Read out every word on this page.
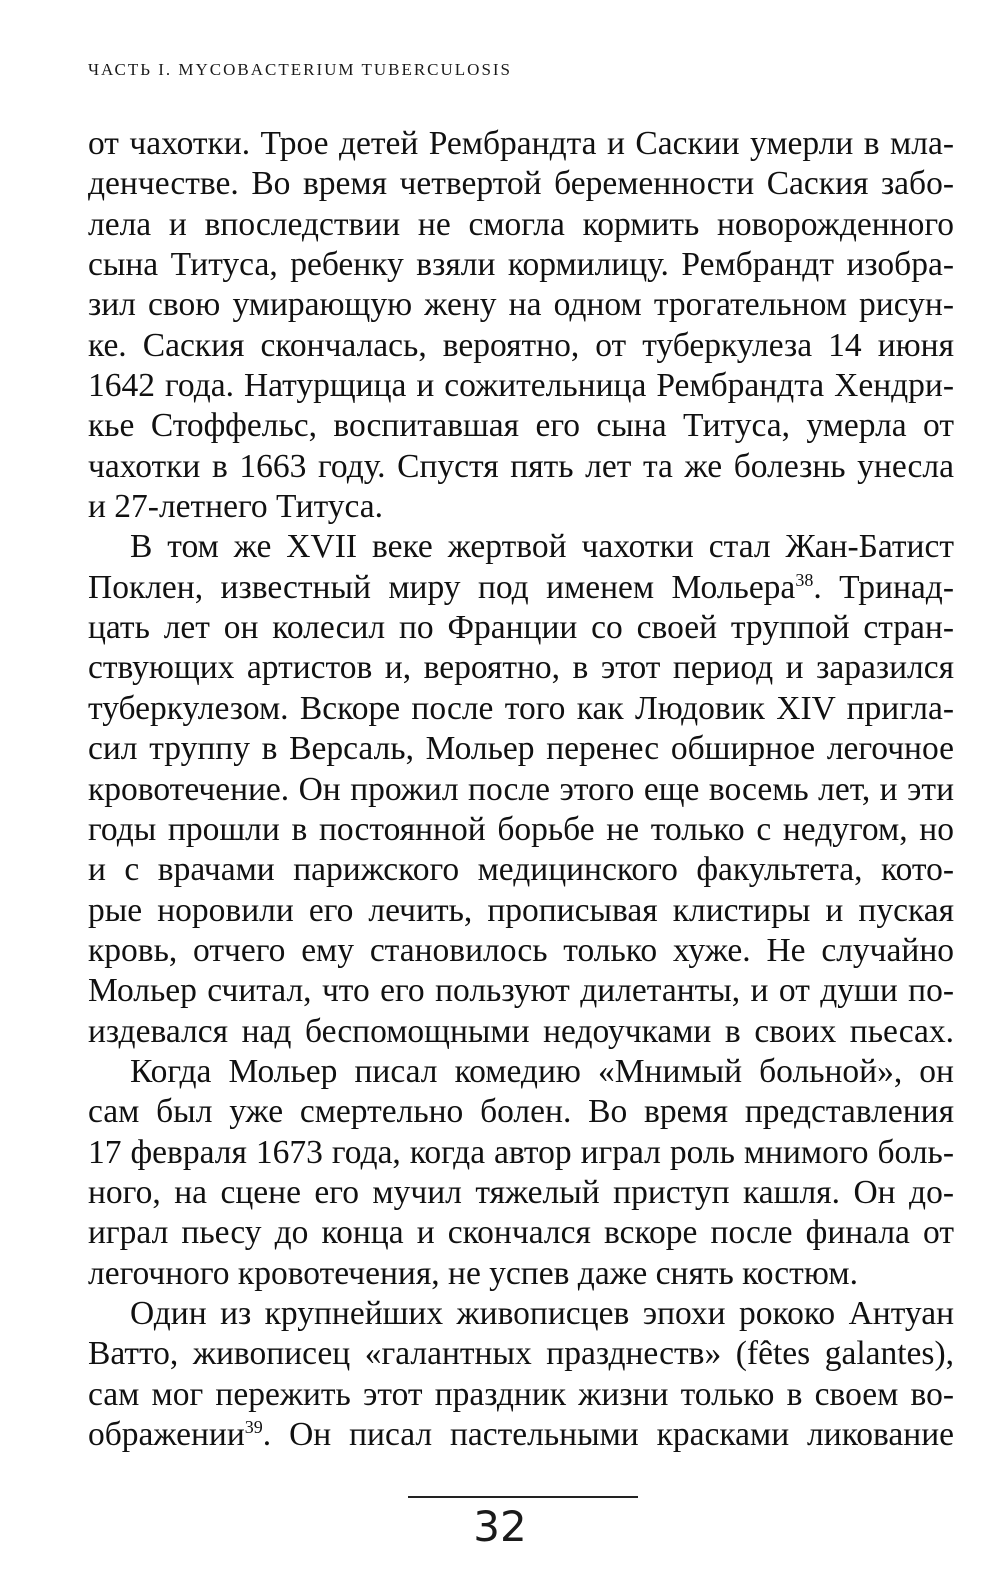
ЧАСТЬ I. MYCOBACTERIUM TUBERCULOSIS

от чахотки. Трое детей Рембрандта и Саскии умерли в мла-
денчестве. Во время четвертой беременности Саския забо-
лела и впоследствии не смогла кормить новорожденного
сына Титуса, ребенку взяли кормилицу. Рембрандт изобра-
зил свою умирающую жену на одном трогательном рисун-
ке. Саския скончалась, вероятно, от туберкулеза 14 июня
1642 года. Натурщица и сожительница Рембрандта Хендри-
кье Стоффельс, воспитавшая его сына Титуса, умерла от
чахотки в 1663 году. Спустя пять лет та же болезнь унесла
и 27-летнего Титуса.

В том же XVII веке жертвой чахотки стал Жан-Батист
Поклен, известный миру под именем Мольера$^{38}$. Тринад-
цать лет он колесил по Франции со своей труппой стран-
ствующих артистов и, вероятно, в этот период и заразился
туберкулезом. Вскоре после того как Людовик XIV пригла-
сил труппу в Версаль, Мольер перенес обширное легочное
кровотечение. Он прожил после этого еще восемь лет, и эти
годы прошли в постоянной борьбе не только с недугом, но
и с врачами парижского медицинского факультета, кото-
рые норовили его лечить, прописывая клистиры и пуская
кровь, отчего ему становилось только хуже. Не случайно
Мольер считал, что его пользуют дилетанты, и от души по-
издевался над беспомощными недоучками в своих пьесах.

Когда Мольер писал комедию «Мнимый больной», он
сам был уже смертельно болен. Во время представления
17 февраля 1673 года, когда автор играл роль мнимого боль-
ного, на сцене его мучил тяжелый приступ кашля. Он до-
играл пьесу до конца и скончался вскоре после финала от
легочного кровотечения, не успев даже снять костюм.

Один из крупнейших живописцев эпохи рококо Антуан
Ватто, живописец «галантных празднеств» (fêtes galantes),
сам мог пережить этот праздник жизни только в своем во-
ображении$^{39}$. Он писал пастельными красками ликование

32
